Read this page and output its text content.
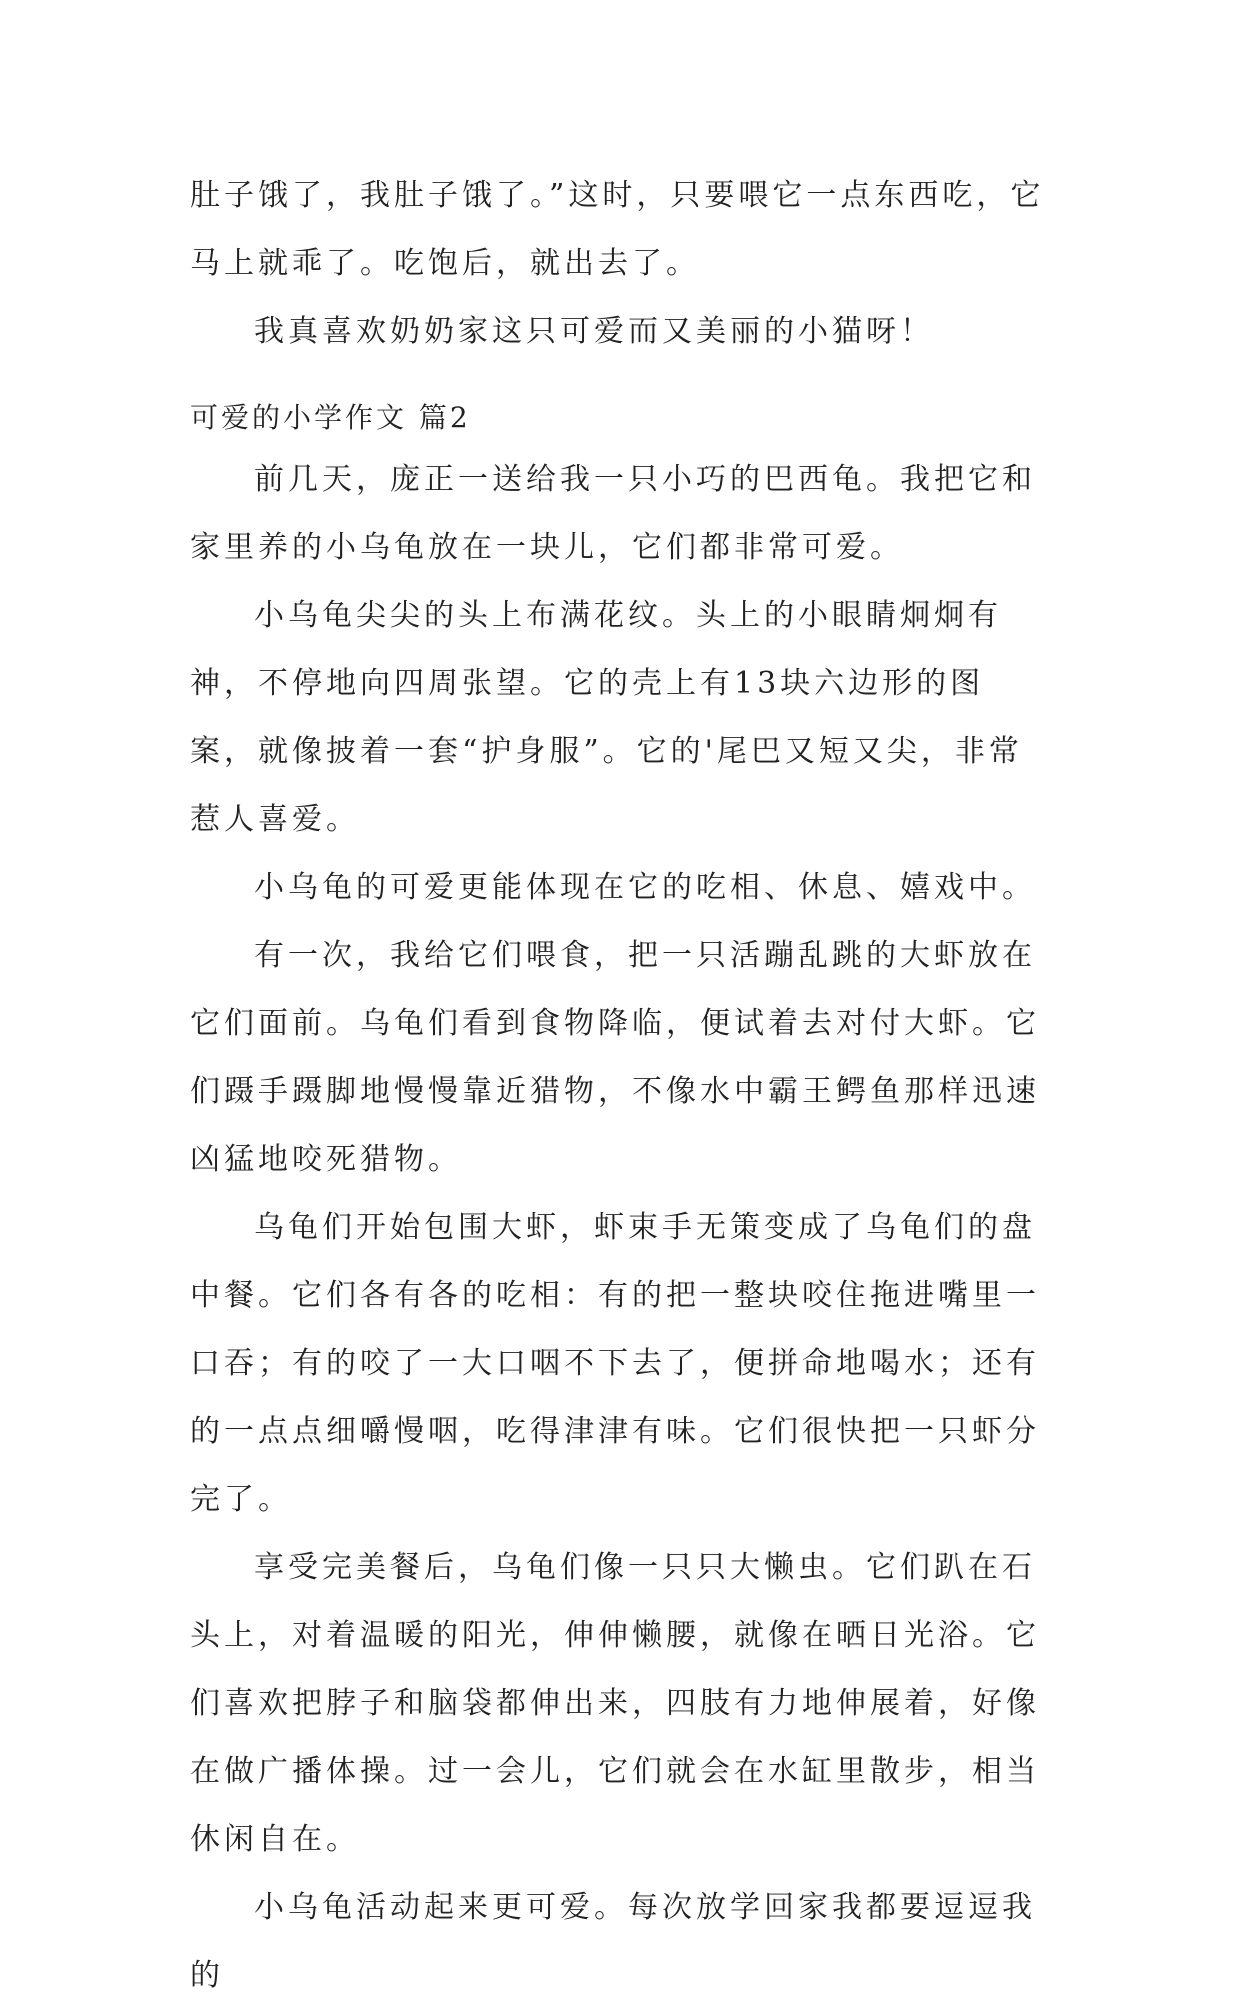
肚子饿了，我肚子饿了。”这时，只要喂它一点东西吃，它马上就乖了。吃饱后，就出去了。

我真喜欢奶奶家这只可爱而又美丽的小猫呀！

可爱的小学作文 篇2

前几天，庞正一送给我一只小巧的巴西龟。我把它和家里养的小乌龟放在一块儿，它们都非常可爱。

小乌龟尖尖的头上布满花纹。头上的小眼睛炯炯有神，不停地向四周张望。它的壳上有13块六边形的图案，就像披着一套“护身服”。它的'尾巴又短又尖，非常惹人喜爱。

小乌龟的可爱更能体现在它的吃相、休息、嬉戏中。

有一次，我给它们喂食，把一只活蹦乱跳的大虾放在它们面前。乌龟们看到食物降临，便试着去对付大虾。它们蹑手蹑脚地慢慢靠近猎物，不像水中霸王鳄鱼那样迅速凶猛地咬死猎物。

乌龟们开始包围大虾，虾束手无策变成了乌龟们的盘中餐。它们各有各的吃相：有的把一整块咬住拖进嘴里一口吞；有的咬了一大口咽不下去了，便拼命地喝水；还有的一点点细嚼慢咽，吃得津津有味。它们很快把一只虾分完了。

享受完美餐后，乌龟们像一只只大懒虫。它们趴在石头上，对着温暖的阳光，伸伸懒腰，就像在晒日光浴。它们喜欢把脖子和脑袋都伸出来，四肢有力地伸展着，好像在做广播体操。过一会儿，它们就会在水缸里散步，相当休闲自在。

小乌龟活动起来更可爱。每次放学回家我都要逗逗我的
